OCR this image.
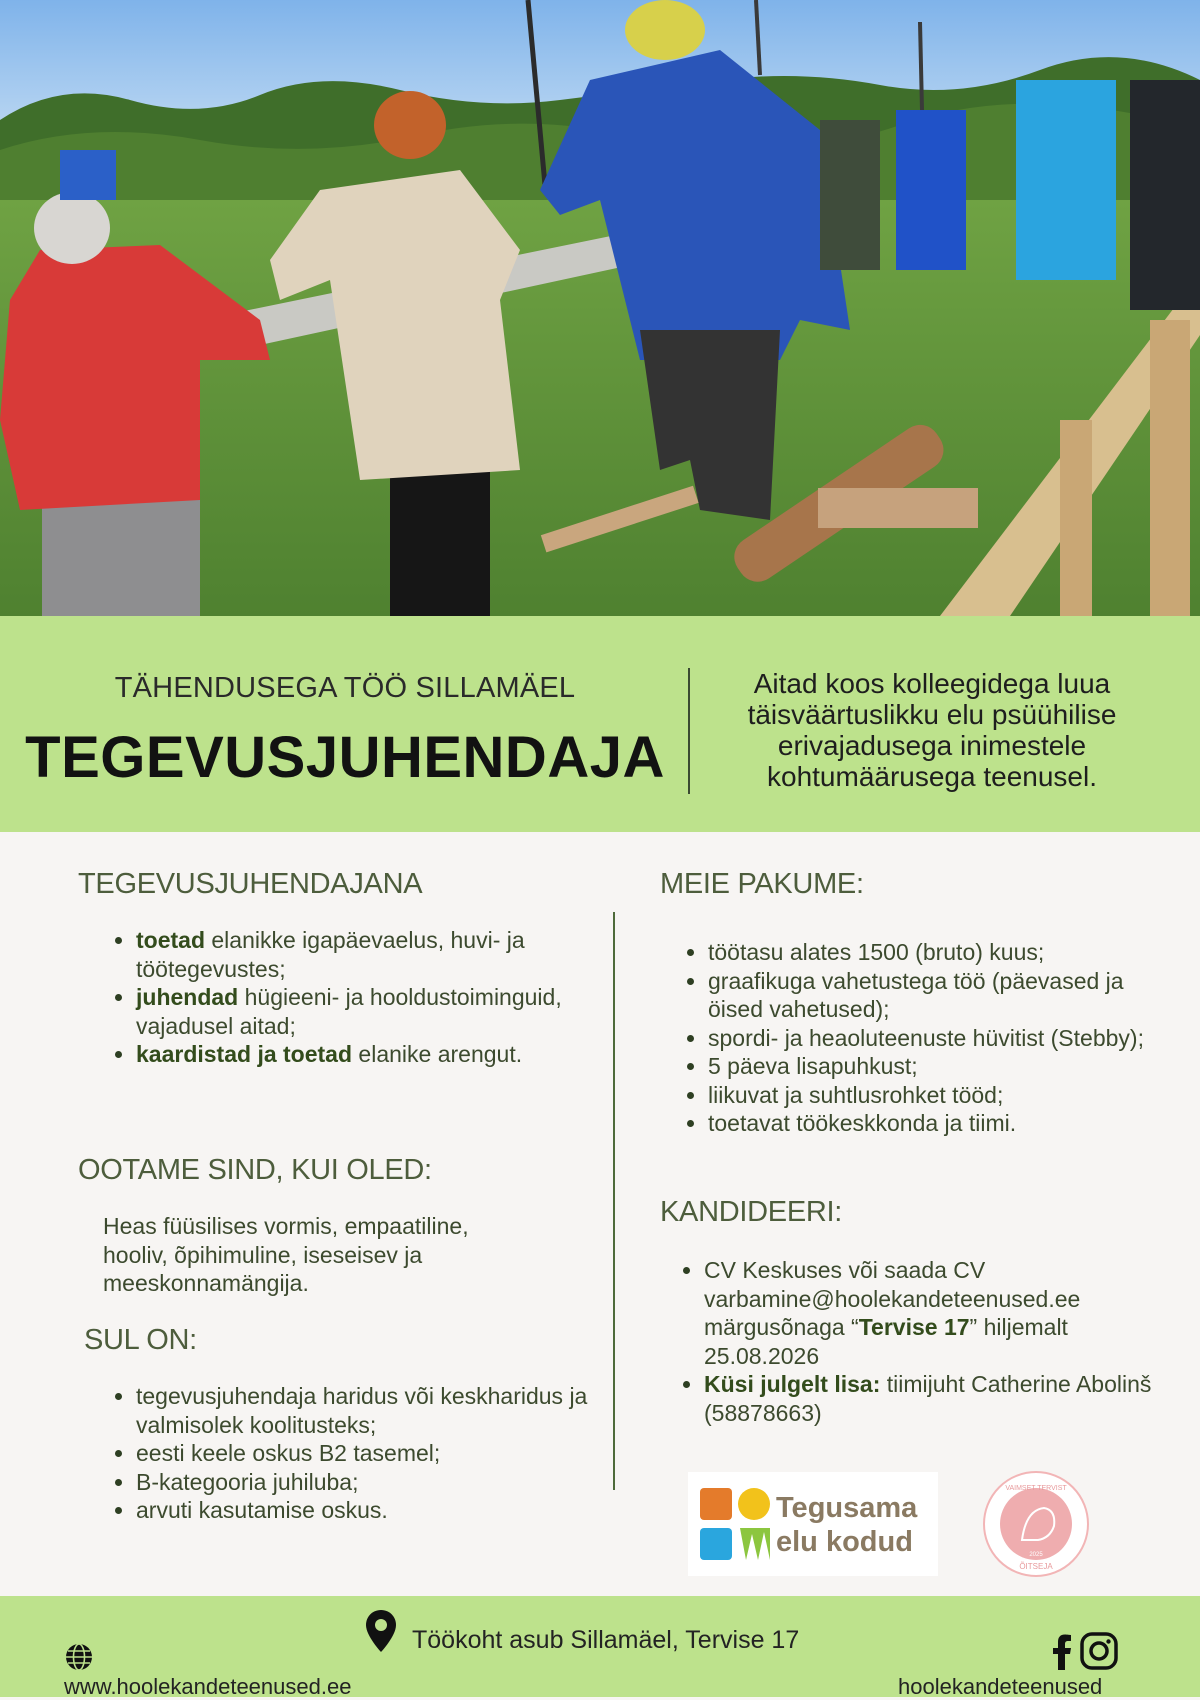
TÄHENDUSEGA TÖÖ SILLAMÄEL
TEGEVUSJUHENDAJA
Aitad koos kolleegidega luua täisväärtuslikku elu psüühilise erivajadusega inimestele kohtumäärusega teenusel.
TEGEVUSJUHENDAJANA
• toetad elanikke igapäevaelus, huvi- ja töötegevustes;
• juhendad hügieeni- ja hooldustoiminguid, vajadusel aitad;
• kaardistad ja toetad elanike arengut.
OOTAME SIND, KUI OLED:
Heas füüsilises vormis, empaatiline, hooliv, õpihimuline, iseseisev ja meeskonnamängija.
SUL ON:
• tegevusjuhendaja haridus või keskharidus ja valmisolek koolitusteks;
• eesti keele oskus B2 tasemel;
• B-kategooria juhiluba;
• arvuti kasutamise oskus.
MEIE PAKUME:
• töötasu alates 1500 (bruto) kuus;
• graafikuga vahetustega töö (päevased ja öised vahetused);
• spordi- ja heaoluteenuste hüvitist (Stebby);
• 5 päeva lisapuhkust;
• liikuvat ja suhtlusrohket tööd;
• toetavat töökeskkonda ja tiimi.
KANDIDEERI:
• CV Keskuses või saada CV
varbamine@hoolekandeteenused.ee
märgusõnaga “Tervise 17” hiljemalt 25.08.2026
• Küsi julgelt lisa: tiimijuht Catherine Abolinš (58878663)
Tegusama
elu kodud
VAIMSET TERVIST
2025
ÕITSEJA
Töökoht asub Sillamäel, Tervise 17
www.hoolekandeteenused.ee	hoolekandeteenused
